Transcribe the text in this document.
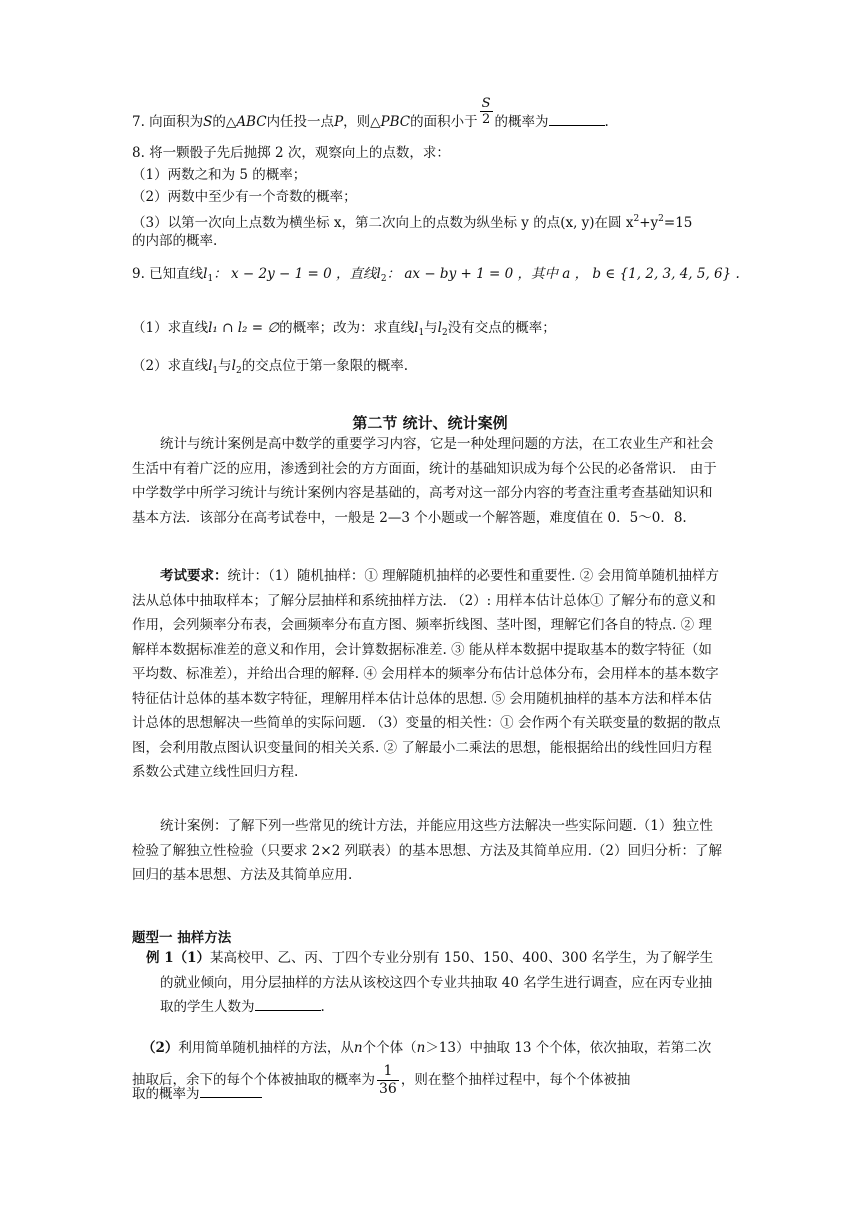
7. 向面积为S的△ABC内任投一点P，则△PBC的面积小于 $\frac{S}{2}$ 的概率为	.
8. 将一颗骰子先后抛掷 2 次，观察向上的点数，求：
（1）两数之和为 5 的概率；
（2）两数中至少有一个奇数的概率；
（3）以第一次向上点数为横坐标 x，第二次向上的点数为纵坐标 y 的点(x, y)在圆 $x^2+y^2=15$
的内部的概率.
9. 已知直线$l_1$： x − 2y − 1 = 0 ，直线$l_2$： ax − by + 1 = 0 ，其中 a ， b ∈ {1, 2, 3, 4, 5, 6} .
（1）求直线l₁ ∩ l₂ = ∅的概率；改为：求直线$l_1$与$l_2$没有交点的概率；
（2）求直线$l_1$与$l_2$的交点位于第一象限的概率.
第二节 统计、统计案例
统计与统计案例是高中数学的重要学习内容，它是一种处理问题的方法，在工农业生产和社会生活中有着广泛的应用，渗透到社会的方方面面，统计的基础知识成为每个公民的必备常识． 由于中学数学中所学习统计与统计案例内容是基础的，高考对这一部分内容的考查注重考查基础知识和基本方法．该部分在高考试卷中，一般是 2—3 个小题或一个解答题，难度值在 0．5～0．8.
考试要求：统计：（1）随机抽样：① 理解随机抽样的必要性和重要性. ② 会用简单随机抽样方法从总体中抽取样本；了解分层抽样和系统抽样方法. （2）: 用样本估计总体① 了解分布的意义和作用，会列频率分布表，会画频率分布直方图、频率折线图、茎叶图，理解它们各自的特点. ② 理解样本数据标准差的意义和作用，会计算数据标准差. ③ 能从样本数据中提取基本的数字特征（如平均数、标准差），并给出合理的解释. ④ 会用样本的频率分布估计总体分布，会用样本的基本数字特征估计总体的基本数字特征，理解用样本估计总体的思想. ⑤ 会用随机抽样的基本方法和样本估计总体的思想解决一些简单的实际问题. （3）变量的相关性：① 会作两个有关联变量的数据的散点图，会利用散点图认识变量间的相关关系. ② 了解最小二乘法的思想，能根据给出的线性回归方程系数公式建立线性回归方程.
统计案例：了解下列一些常见的统计方法，并能应用这些方法解决一些实际问题.（1）独立性检验了解独立性检验（只要求 2×2 列联表）的基本思想、方法及其简单应用.（2）回归分析：了解回归的基本思想、方法及其简单应用.
题型一 抽样方法
例 1（1）某高校甲、乙、丙、丁四个专业分别有 150、150、400、300 名学生，为了解学生的就业倾向，用分层抽样的方法从该校这四个专业共抽取 40 名学生进行调查，应在丙专业抽取的学生人数为	.
（2）利用简单随机抽样的方法，从n个个体（n＞13）中抽取 13 个个体，依次抽取，若第二次抽取后，余下的每个个体被抽取的概率为 $\frac{1}{36}$ ，则在整个抽样过程中，每个个体被抽
取的概率为
